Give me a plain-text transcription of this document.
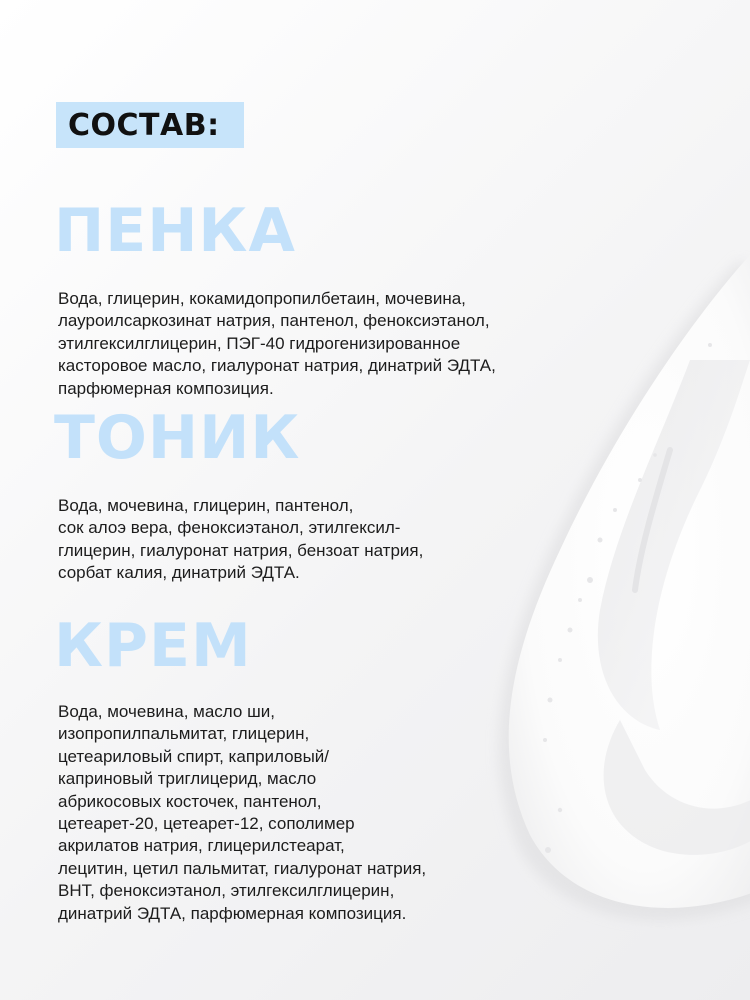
СОСТАВ:
ПЕНКА
Вода, глицерин, кокамидопропилбетаин, мочевина,
лауроилсаркозинат натрия, пантенол, феноксиэтанол,
этилгексилглицерин, ПЭГ-40 гидрогенизированное
касторовое масло, гиалуронат натрия, динатрий ЭДТА,
парфюмерная композиция.
ТОНИК
Вода, мочевина, глицерин, пантенол,
сок алоэ вера, феноксиэтанол, этилгексил-
глицерин, гиалуронат натрия, бензоат натрия,
сорбат калия, динатрий ЭДТА.
КРЕМ
Вода, мочевина, масло ши,
изопропилпальмитат, глицерин,
цетеариловый спирт, каприловый/
каприновый триглицерид, масло
абрикосовых косточек, пантенол,
цетеарет-20, цетеарет-12, сополимер
акрилатов натрия, глицерилстеарат,
лецитин, цетил пальмитат, гиалуронат натрия,
ВНТ, феноксиэтанол, этилгексилглицерин,
динатрий ЭДТА, парфюмерная композиция.
